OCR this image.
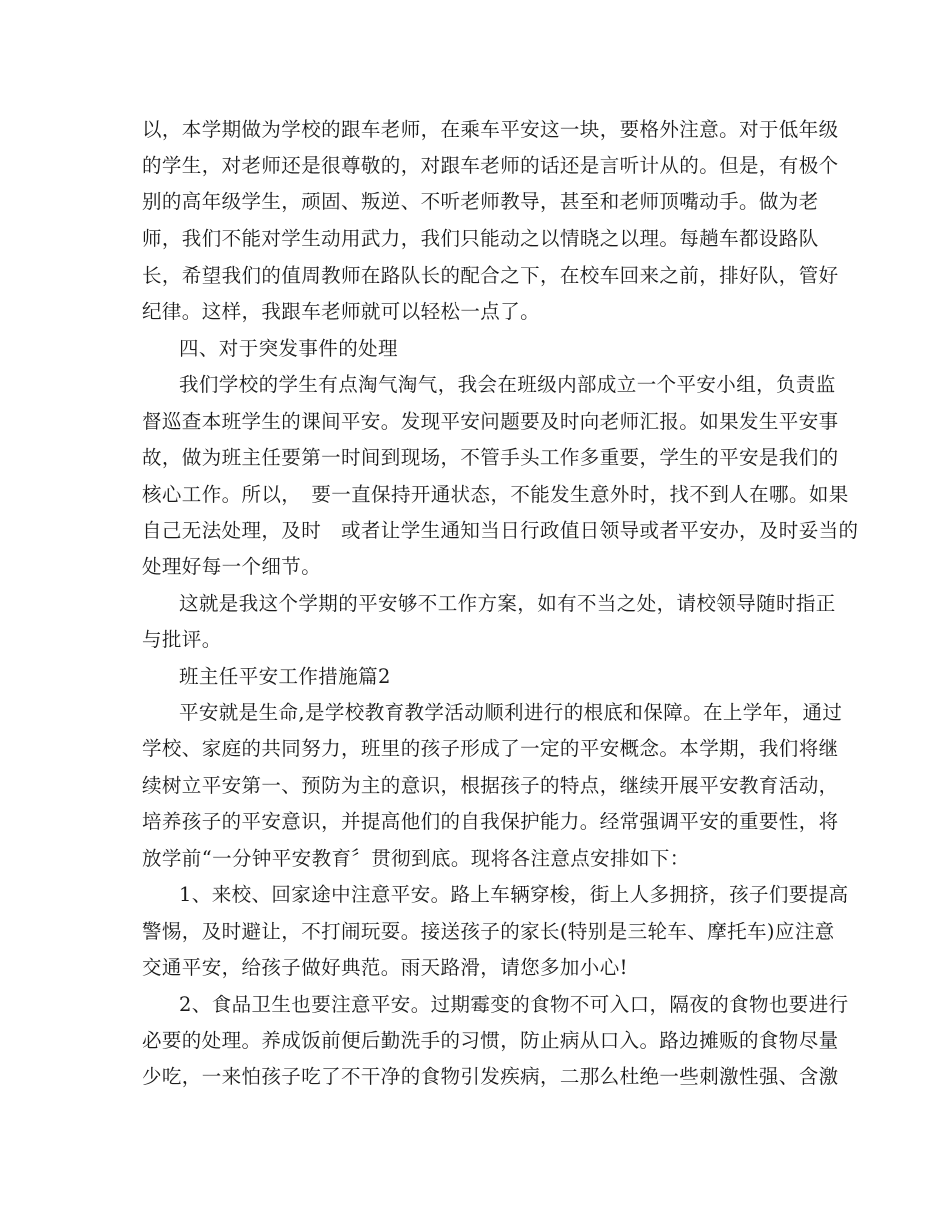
以，本学期做为学校的跟车老师，在乘车平安这一块，要格外注意。对于低年级
的学生，对老师还是很尊敬的，对跟车老师的话还是言听计从的。但是，有极个
别的高年级学生，顽固、叛逆、不听老师教导，甚至和老师顶嘴动手。做为老
师，我们不能对学生动用武力，我们只能动之以情晓之以理。每趟车都设路队
长，希望我们的值周教师在路队长的配合之下，在校车回来之前，排好队，管好
纪律。这样，我跟车老师就可以轻松一点了。
四、对于突发事件的处理
我们学校的学生有点淘气淘气，我会在班级内部成立一个平安小组，负责监
督巡查本班学生的课间平安。发现平安问题要及时向老师汇报。如果发生平安事
故，做为班主任要第一时间到现场，不管手头工作多重要，学生的平安是我们的
核心工作。所以，　要一直保持开通状态，不能发生意外时，找不到人在哪。如果
自己无法处理，及时　或者让学生通知当日行政值日领导或者平安办，及时妥当的
处理好每一个细节。
这就是我这个学期的平安够不工作方案，如有不当之处，请校领导随时指正
与批评。
班主任平安工作措施篇2
平安就是生命,是学校教育教学活动顺利进行的根底和保障。在上学年，通过
学校、家庭的共同努力，班里的孩子形成了一定的平安概念。本学期，我们将继
续树立平安第一、预防为主的意识，根据孩子的特点，继续开展平安教育活动，
培养孩子的平安意识，并提高他们的自我保护能力。经常强调平安的重要性，将
放学前“一分钟平安教育〞贯彻到底。现将各注意点安排如下：
1、来校、回家途中注意平安。路上车辆穿梭，街上人多拥挤，孩子们要提高
警惕，及时避让，不打闹玩耍。接送孩子的家长(特别是三轮车、摩托车)应注意
交通平安，给孩子做好典范。雨天路滑，请您多加小心!
2、食品卫生也要注意平安。过期霉变的食物不可入口，隔夜的食物也要进行
必要的处理。养成饭前便后勤洗手的习惯，防止病从口入。路边摊贩的食物尽量
少吃，一来怕孩子吃了不干净的食物引发疾病，二那么杜绝一些刺激性强、含激
